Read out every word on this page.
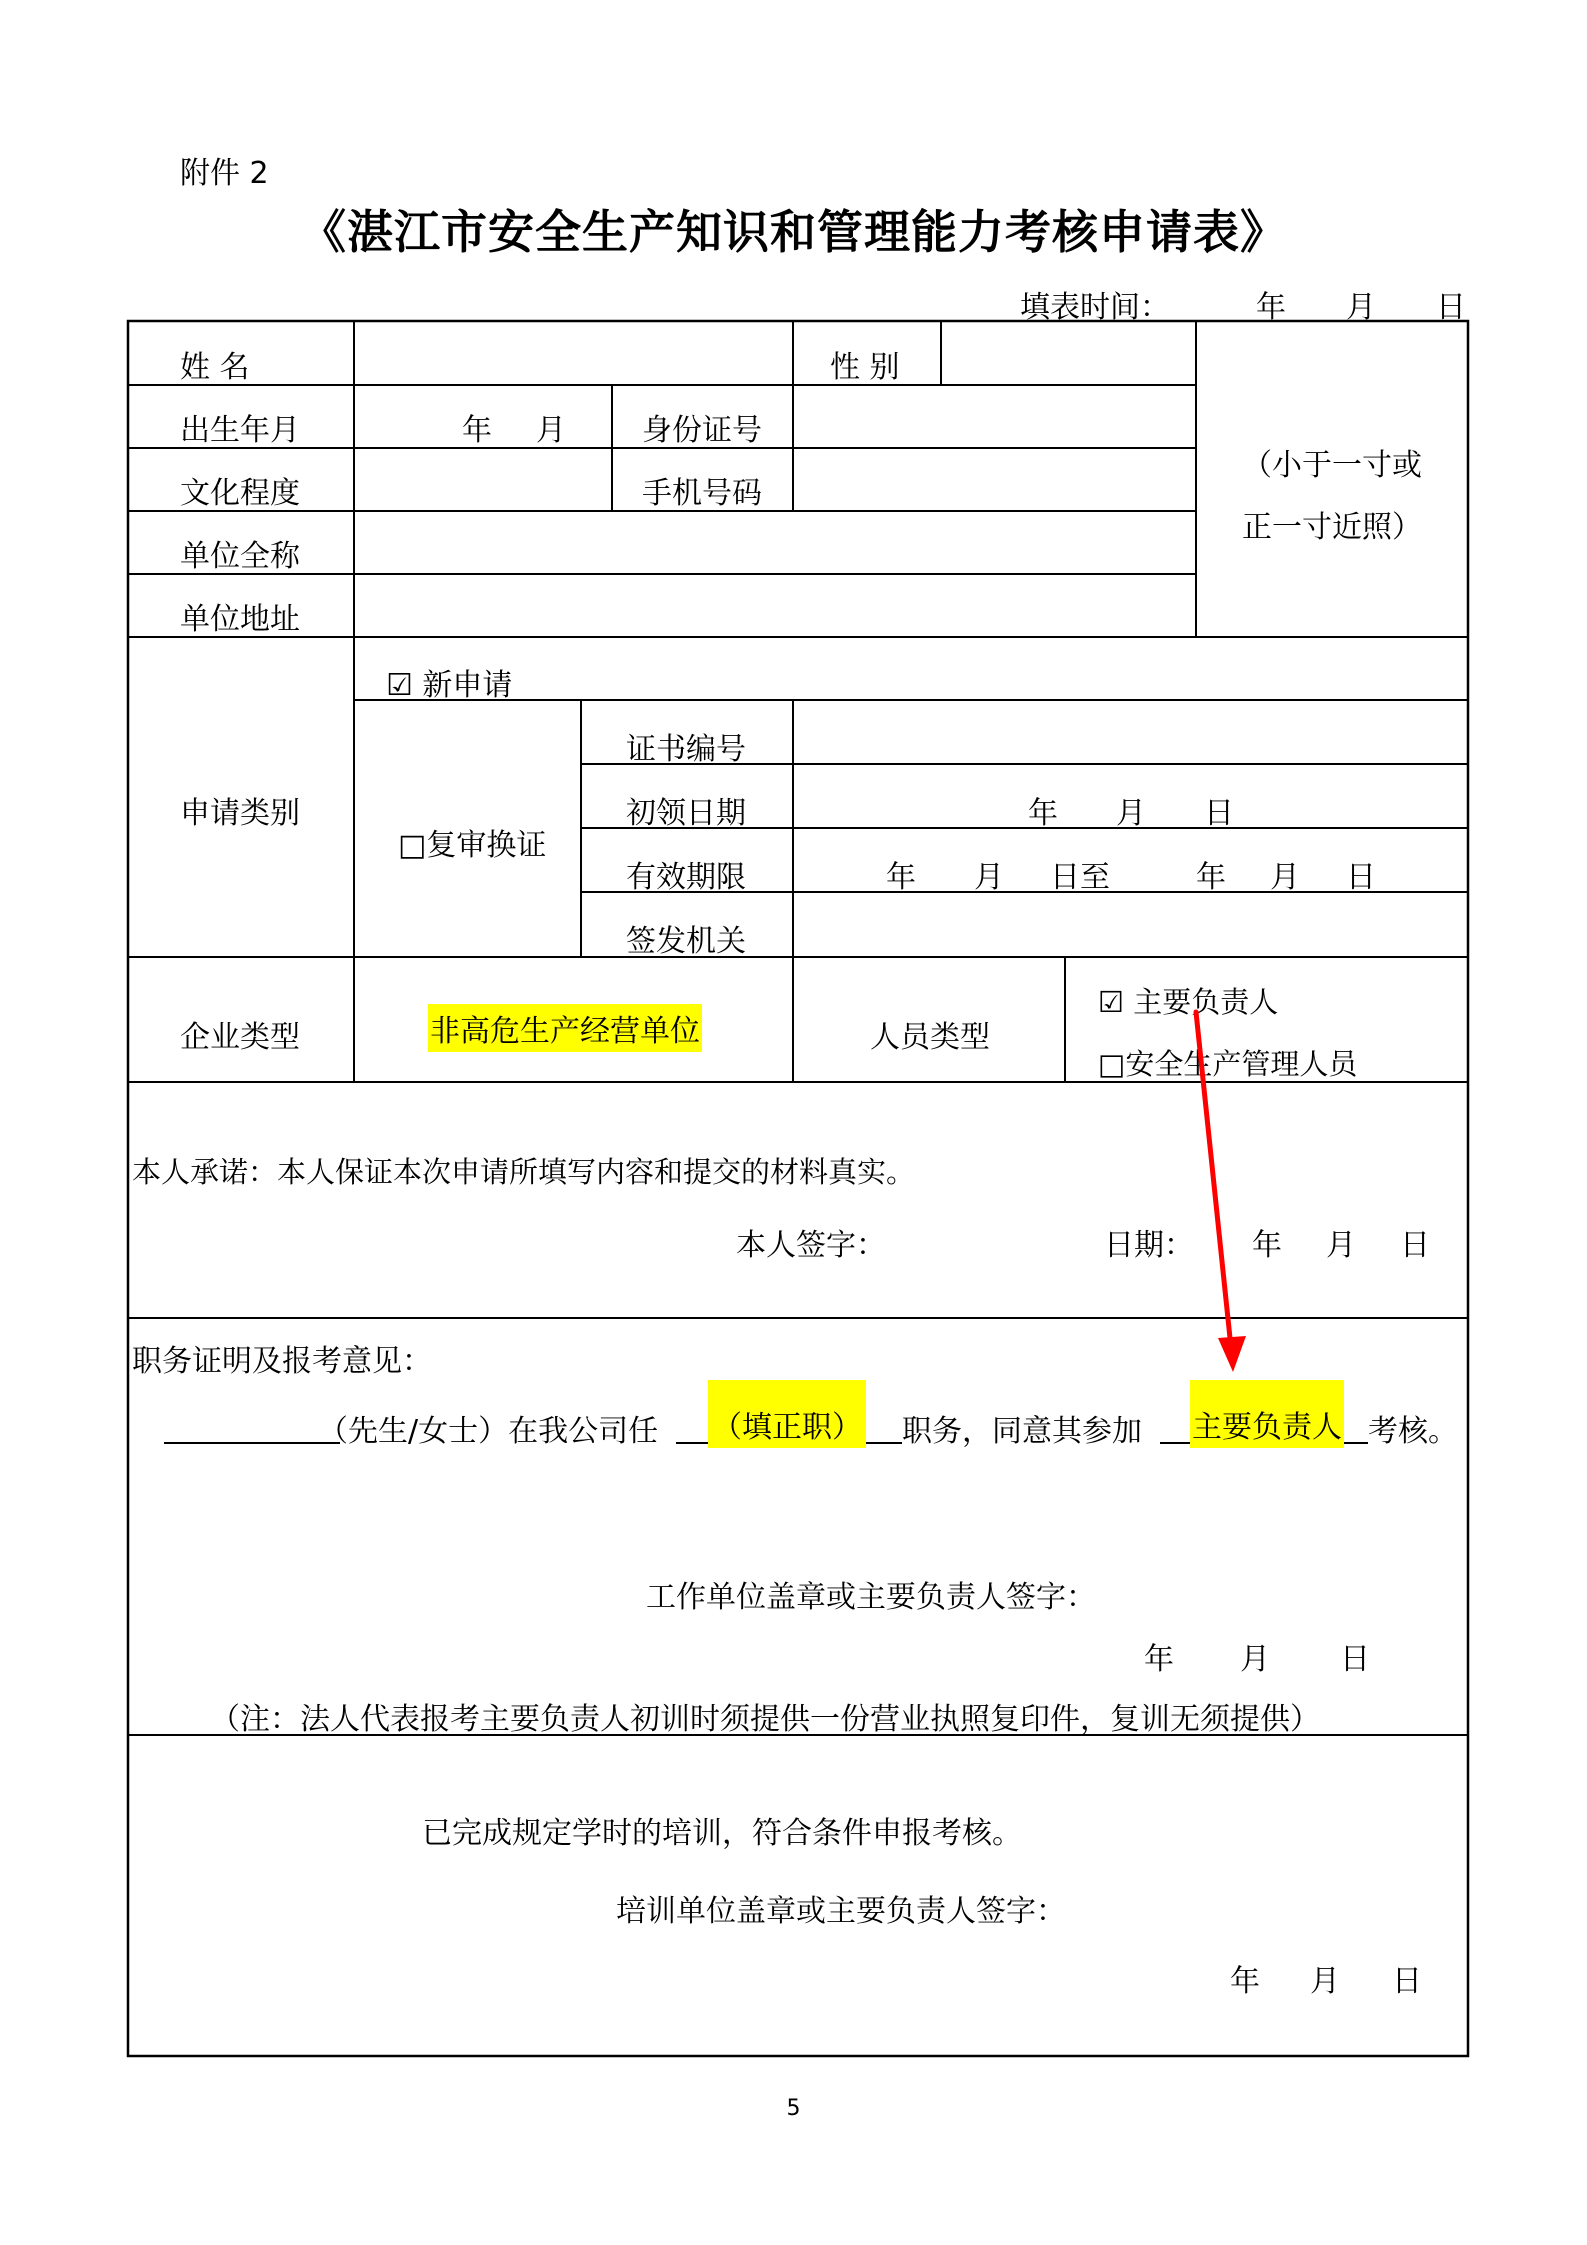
附件 2
《湛江市安全生产知识和管理能力考核申请表》
填表时间：	年 月 日
姓 名	性 别
出生年月	年 月	身份证号
文化程度	手机号码
单位全称
单位地址
（小于一寸或
正一寸近照）
申请类别
☑ 新申请
□复审换证
证书编号
初领日期	年 月 日
有效期限	年 月 日至	年 月 日
签发机关
企业类型	非高危生产经营单位	人员类型
☑ 主要负责人
□安全生产管理人员
本人承诺：本人保证本次申请所填写内容和提交的材料真实。
本人签字：	日期： 年 月 日
职务证明及报考意见：
（先生/女士）在我公司任 （填正职） 职务，同意其参加 主要负责人 考核。
工作单位盖章或主要负责人签字：
年 月 日
（注：法人代表报考主要负责人初训时须提供一份营业执照复印件，复训无须提供）
已完成规定学时的培训，符合条件申报考核。
培训单位盖章或主要负责人签字：
年 月 日
5
